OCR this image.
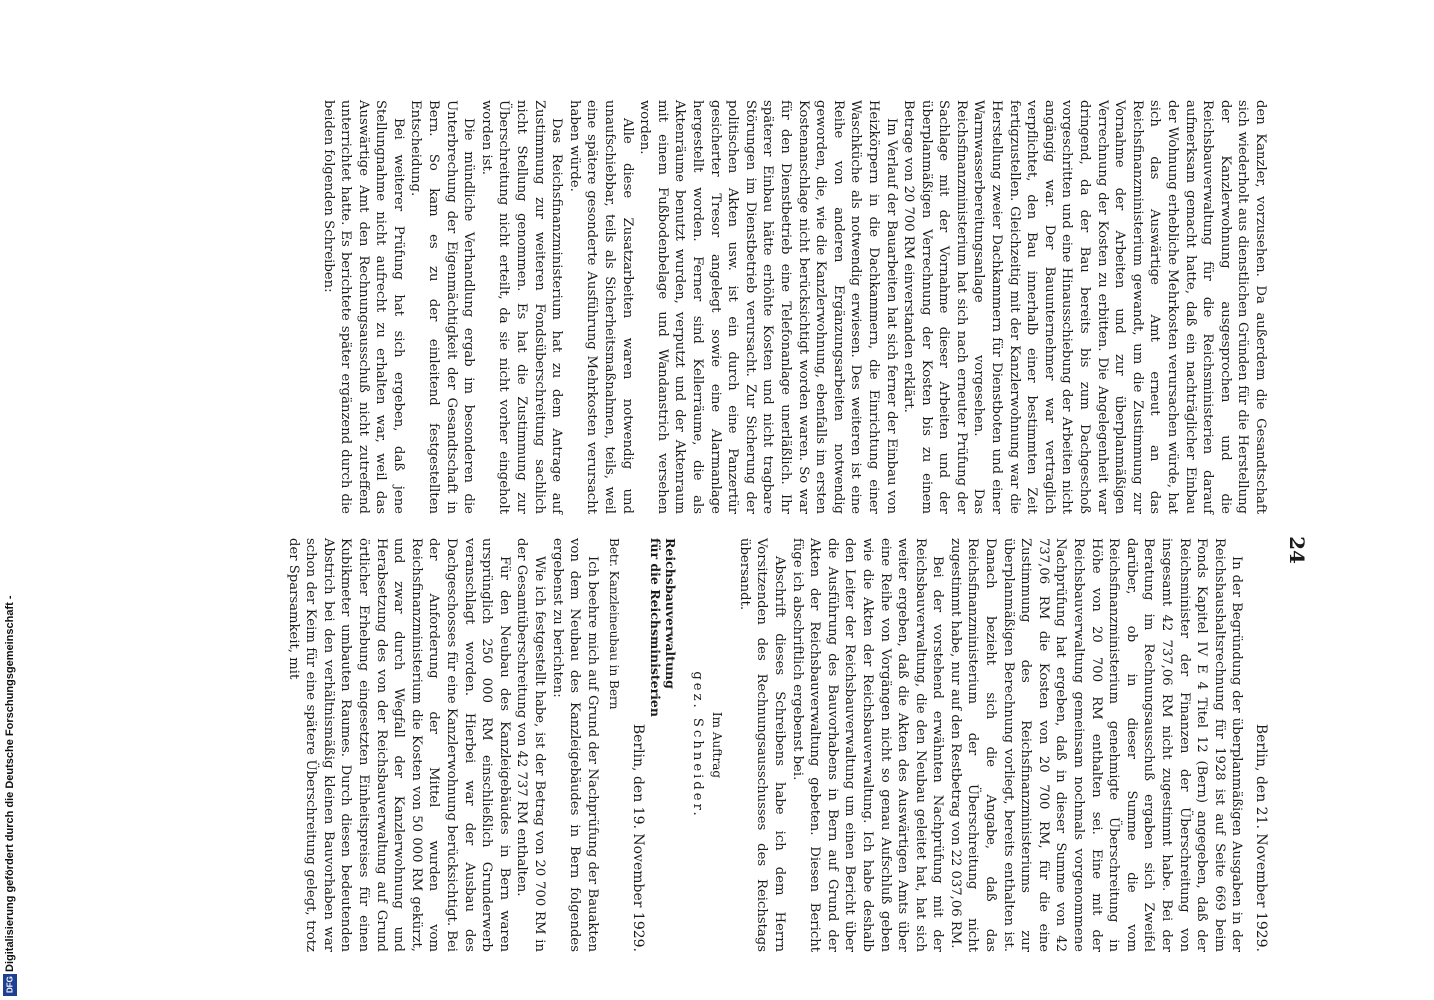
24

den Kanzler, vorzusehen. Da außerdem die Gesandtschaft sich wiederholt aus dienstlichen Gründen für die Herstellung der Kanzlerwohnung ausgesprochen und die Reichsbauverwaltung für die Reichsministerien darauf aufmerksam gemacht hatte, daß ein nachträglicher Einbau der Wohnung erhebliche Mehrkosten verursachen würde, hat sich das Auswärtige Amt erneut an das Reichsfinanzministerium gewandt, um die Zustimmung zur Vornahme der Arbeiten und zur überplanmäßigen Verrechnung der Kosten zu erbitten. Die Angelegenheit war dringend, da der Bau bereits bis zum Dachgeschoß vorgeschritten und eine Hinausschiebung der Arbeiten nicht angängig war. Der Bauunternehmer war vertraglich verpflichtet, den Bau innerhalb einer bestimmten Zeit fertigzustellen. Gleichzeitig mit der Kanzlerwohnung war die Herstellung zweier Dachkammern für Dienstboten und einer Warmwasserbereitungsanlage vorgesehen. Das Reichsfinanzministerium hat sich nach erneuter Prüfung der Sachlage mit der Vornahme dieser Arbeiten und der überplanmäßigen Verrechnung der Kosten bis zu einem Betrage von 20 700 RM einverstanden erklärt.

Im Verlauf der Bauarbeiten hat sich ferner der Einbau von Heizkörpern in die Dachkammern, die Einrichtung einer Waschküche als notwendig erwiesen. Des weiteren ist eine Reihe von anderen Ergänzungsarbeiten notwendig geworden, die, wie die Kanzlerwohnung, ebenfalls im ersten Kostenanschlage nicht berücksichtigt worden waren. So war für den Dienstbetrieb eine Telefonanlage unerläßlich. Ihr späterer Einbau hätte erhöhte Kosten und nicht tragbare Störungen im Dienstbetrieb verursacht. Zur Sicherung der politischen Akten usw. ist ein durch eine Panzertür gesicherter Tresor angelegt sowie eine Alarmanlage hergestellt worden. Ferner sind Kellerräume, die als Aktenräume benutzt wurden, verputzt und der Aktenraum mit einem Fußbodenbelage und Wandanstrich versehen worden.

Alle diese Zusatzarbeiten waren notwendig und unaufschiebbar, teils als Sicherheitsmaßnahmen, teils, weil eine spätere gesonderte Ausführung Mehrkosten verursacht haben würde.

Das Reichsfinanzministerium hat zu dem Antrage auf Zustimmung zur weiteren Fondsüberschreitung sachlich nicht Stellung genommen. Es hat die Zustimmung zur Überschreitung nicht erteilt, da sie nicht vorher eingeholt worden ist.

Die mündliche Verhandlung ergab im besonderen die Unterbrechung der Eigenmächtigkeit der Gesandtschaft in Bern. So kam es zu der einleitend festgestellten Entscheidung.

Bei weiterer Prüfung hat sich ergeben, daß jene Stellungnahme nicht aufrecht zu erhalten war, weil das Auswärtige Amt den Rechnungsausschuß nicht zutreffend unterrichtet hatte. Es berichtete später ergänzend durch die beiden folgenden Schreiben:

Berlin, den 21. November 1929.

In der Begründung der überplanmäßigen Ausgaben in der Reichshaushaltsrechnung für 1928 ist auf Seite 669 beim Fonds Kapitel IV E 4 Titel 12 (Bern) angegeben, daß der Reichsminister der Finanzen der Überschreitung von insgesamt 42 737,06 RM nicht zugestimmt habe. Bei der Beratung im Rechnungsausschuß ergaben sich Zweifel darüber, ob in dieser Summe die vom Reichsfinanzministerium genehmigte Überschreitung in Höhe von 20 700 RM enthalten sei. Eine mit der Reichsbauverwaltung gemeinsam nochmals vorgenommene Nachprüfung hat ergeben, daß in dieser Summe von 42 737,06 RM die Kosten von 20 700 RM, für die eine Zustimmung des Reichsfinanzministeriums zur überplanmäßigen Berechnung vorliegt, bereits enthalten ist. Danach bezieht sich die Angabe, daß das Reichsfinanzministerium der Überschreitung nicht zugestimmt habe, nur auf den Restbetrag von 22 037,06 RM.

Bei der vorstehend erwähnten Nachprüfung mit der Reichsbauverwaltung, die den Neubau geleitet hat, hat sich weiter ergeben, daß die Akten des Auswärtigen Amts über eine Reihe von Vorgängen nicht so genau Aufschluß geben wie die Akten der Reichsbauverwaltung. Ich habe deshalb den Leiter der Reichsbauverwaltung um einen Bericht über die Ausführung des Bauvorhabens in Bern auf Grund der Akten der Reichsbauverwaltung gebeten. Diesen Bericht füge ich abschriftlich ergebenst bei.

Abschrift dieses Schreibens habe ich dem Herrn Vorsitzenden des Rechnungsausschusses des Reichstags übersandt.

Im Auftrag
gez. Schneider.
Reichsbauverwaltung
für die Reichsministerien
Berlin, den 19. November 1929.
Betr. Kanzleineubau in Bern

Ich beehre mich auf Grund der Nachprüfung der Bauakten von dem Neubau des Kanzleigebäudes in Bern folgendes ergebenst zu berichten:

Wie ich festgestellt habe, ist der Betrag von 20 700 RM in der Gesamtüberschreitung von 42 737 RM enthalten.

Für den Neubau des Kanzleigebäudes in Bern waren ursprünglich 250 000 RM einschließlich Grunderwerb veranschlagt worden. Hierbei war der Ausbau des Dachgeschosses für eine Kanzlerwohnung berücksichtigt. Bei der Anforderung der Mittel wurden vom Reichsfinanzministerium die Kosten von 50 000 RM gekürzt, und zwar durch Wegfall der Kanzlerwohnung und Herabsetzung des von der Reichsbauverwaltung auf Grund örtlicher Erhebung eingesetzten Einheitspreises für einen Kubikmeter umbauten Raumes. Durch diesen bedeutenden Abstrich bei den verhältnismäßig kleinen Bauvorhaben war schon der Keim für eine spätere Überschreitung gelegt, trotz der Sparsamkeit, mit

Digitalisierung gefördert durch die Deutsche Forschungsgemeinschaft -
DFG
